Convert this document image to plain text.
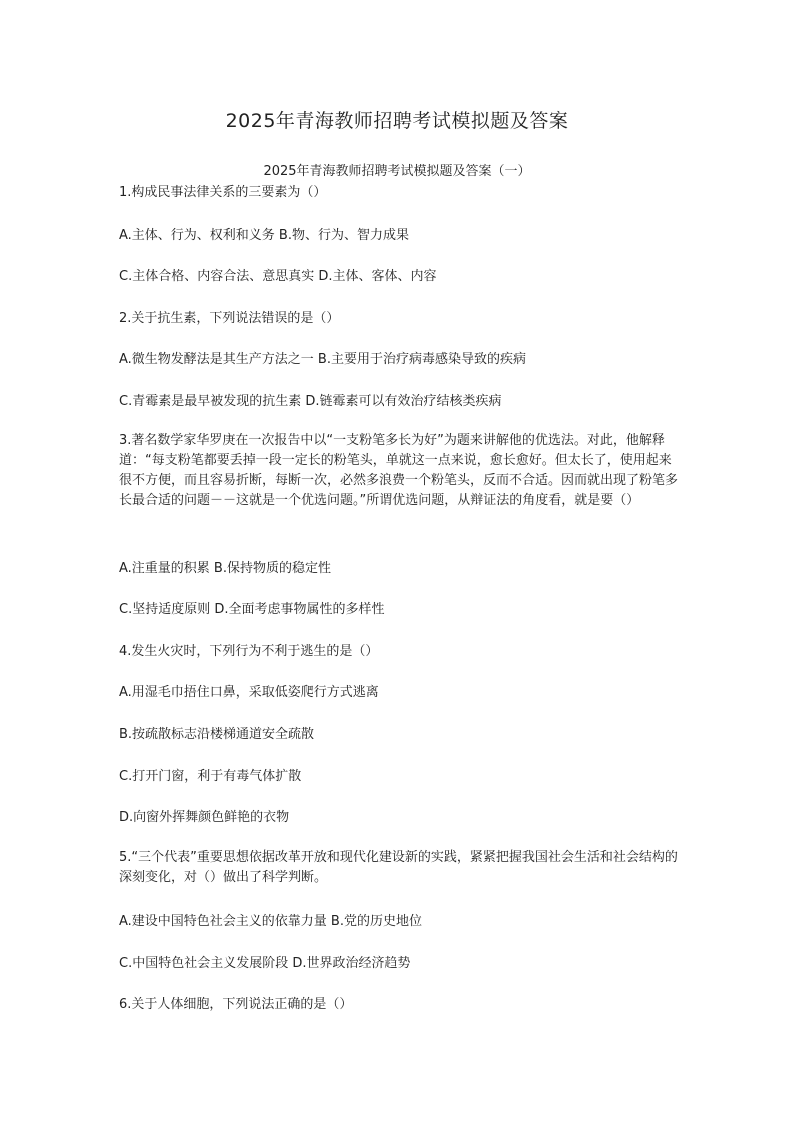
2025年青海教师招聘考试模拟题及答案
2025年青海教师招聘考试模拟题及答案（一）
1.构成民事法律关系的三要素为（）
A.主体、行为、权利和义务 B.物、行为、智力成果
C.主体合格、内容合法、意思真实 D.主体、客体、内容
2.关于抗生素，下列说法错误的是（）
A.微生物发酵法是其生产方法之一 B.主要用于治疗病毒感染导致的疾病
C.青霉素是最早被发现的抗生素 D.链霉素可以有效治疗结核类疾病
3.著名数学家华罗庚在一次报告中以“一支粉笔多长为好”为题来讲解他的优选法。对此，他解释道：“每支粉笔都要丢掉一段一定长的粉笔头，单就这一点来说，愈长愈好。但太长了，使用起来很不方便，而且容易折断，每断一次，必然多浪费一个粉笔头，反而不合适。因而就出现了粉笔多长最合适的问题－－这就是一个优选问题。”所谓优选问题，从辩证法的角度看，就是要（）
A.注重量的积累 B.保持物质的稳定性
C.坚持适度原则 D.全面考虑事物属性的多样性
4.发生火灾时，下列行为不利于逃生的是（）
A.用湿毛巾捂住口鼻，采取低姿爬行方式逃离
B.按疏散标志沿楼梯通道安全疏散
C.打开门窗，利于有毒气体扩散
D.向窗外挥舞颜色鲜艳的衣物
5.“三个代表”重要思想依据改革开放和现代化建设新的实践，紧紧把握我国社会生活和社会结构的深刻变化，对（）做出了科学判断。
A.建设中国特色社会主义的依靠力量 B.党的历史地位
C.中国特色社会主义发展阶段 D.世界政治经济趋势
6.关于人体细胞，下列说法正确的是（）
